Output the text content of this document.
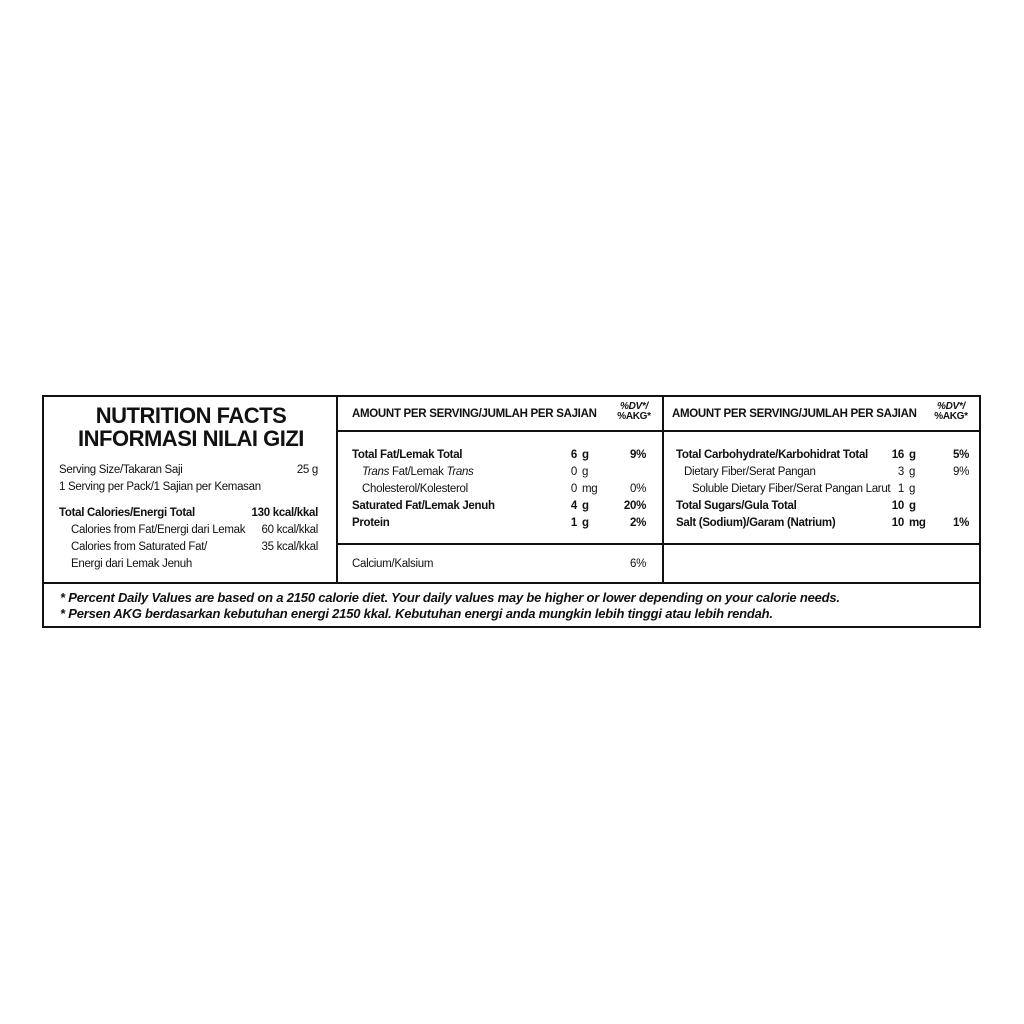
NUTRITION FACTS
INFORMASI NILAI GIZI
Serving Size/Takaran Saji	25 g
1 Serving per Pack/1 Sajian per Kemasan
Total Calories/Energi Total	130 kcal/kkal
Calories from Fat/Energi dari Lemak 60 kcal/kkal
Calories from Saturated Fat/	35 kcal/kkal
Energi dari Lemak Jenuh
AMOUNT PER SERVING/JUMLAH PER SAJIAN
%DV*/
%AKG*
Total Fat/Lemak Total	6 g	9%
Trans Fat/Lemak Trans	0 g
Cholesterol/Kolesterol	0 mg	0%
Saturated Fat/Lemak Jenuh	4 g	20%
Protein	1 g	2%
Calcium/Kalsium	6%
AMOUNT PER SERVING/JUMLAH PER SAJIAN
%DV*/
%AKG*
Total Carbohydrate/Karbohidrat Total	16 g	5%
Dietary Fiber/Serat Pangan	3 g	9%
Soluble Dietary Fiber/Serat Pangan Larut 1 g
Total Sugars/Gula Total	10 g
Salt (Sodium)/Garam (Natrium)	10 mg	1%
* Percent Daily Values are based on a 2150 calorie diet. Your daily values may be higher or lower depending on your calorie needs.
* Persen AKG berdasarkan kebutuhan energi 2150 kkal. Kebutuhan energi anda mungkin lebih tinggi atau lebih rendah.
